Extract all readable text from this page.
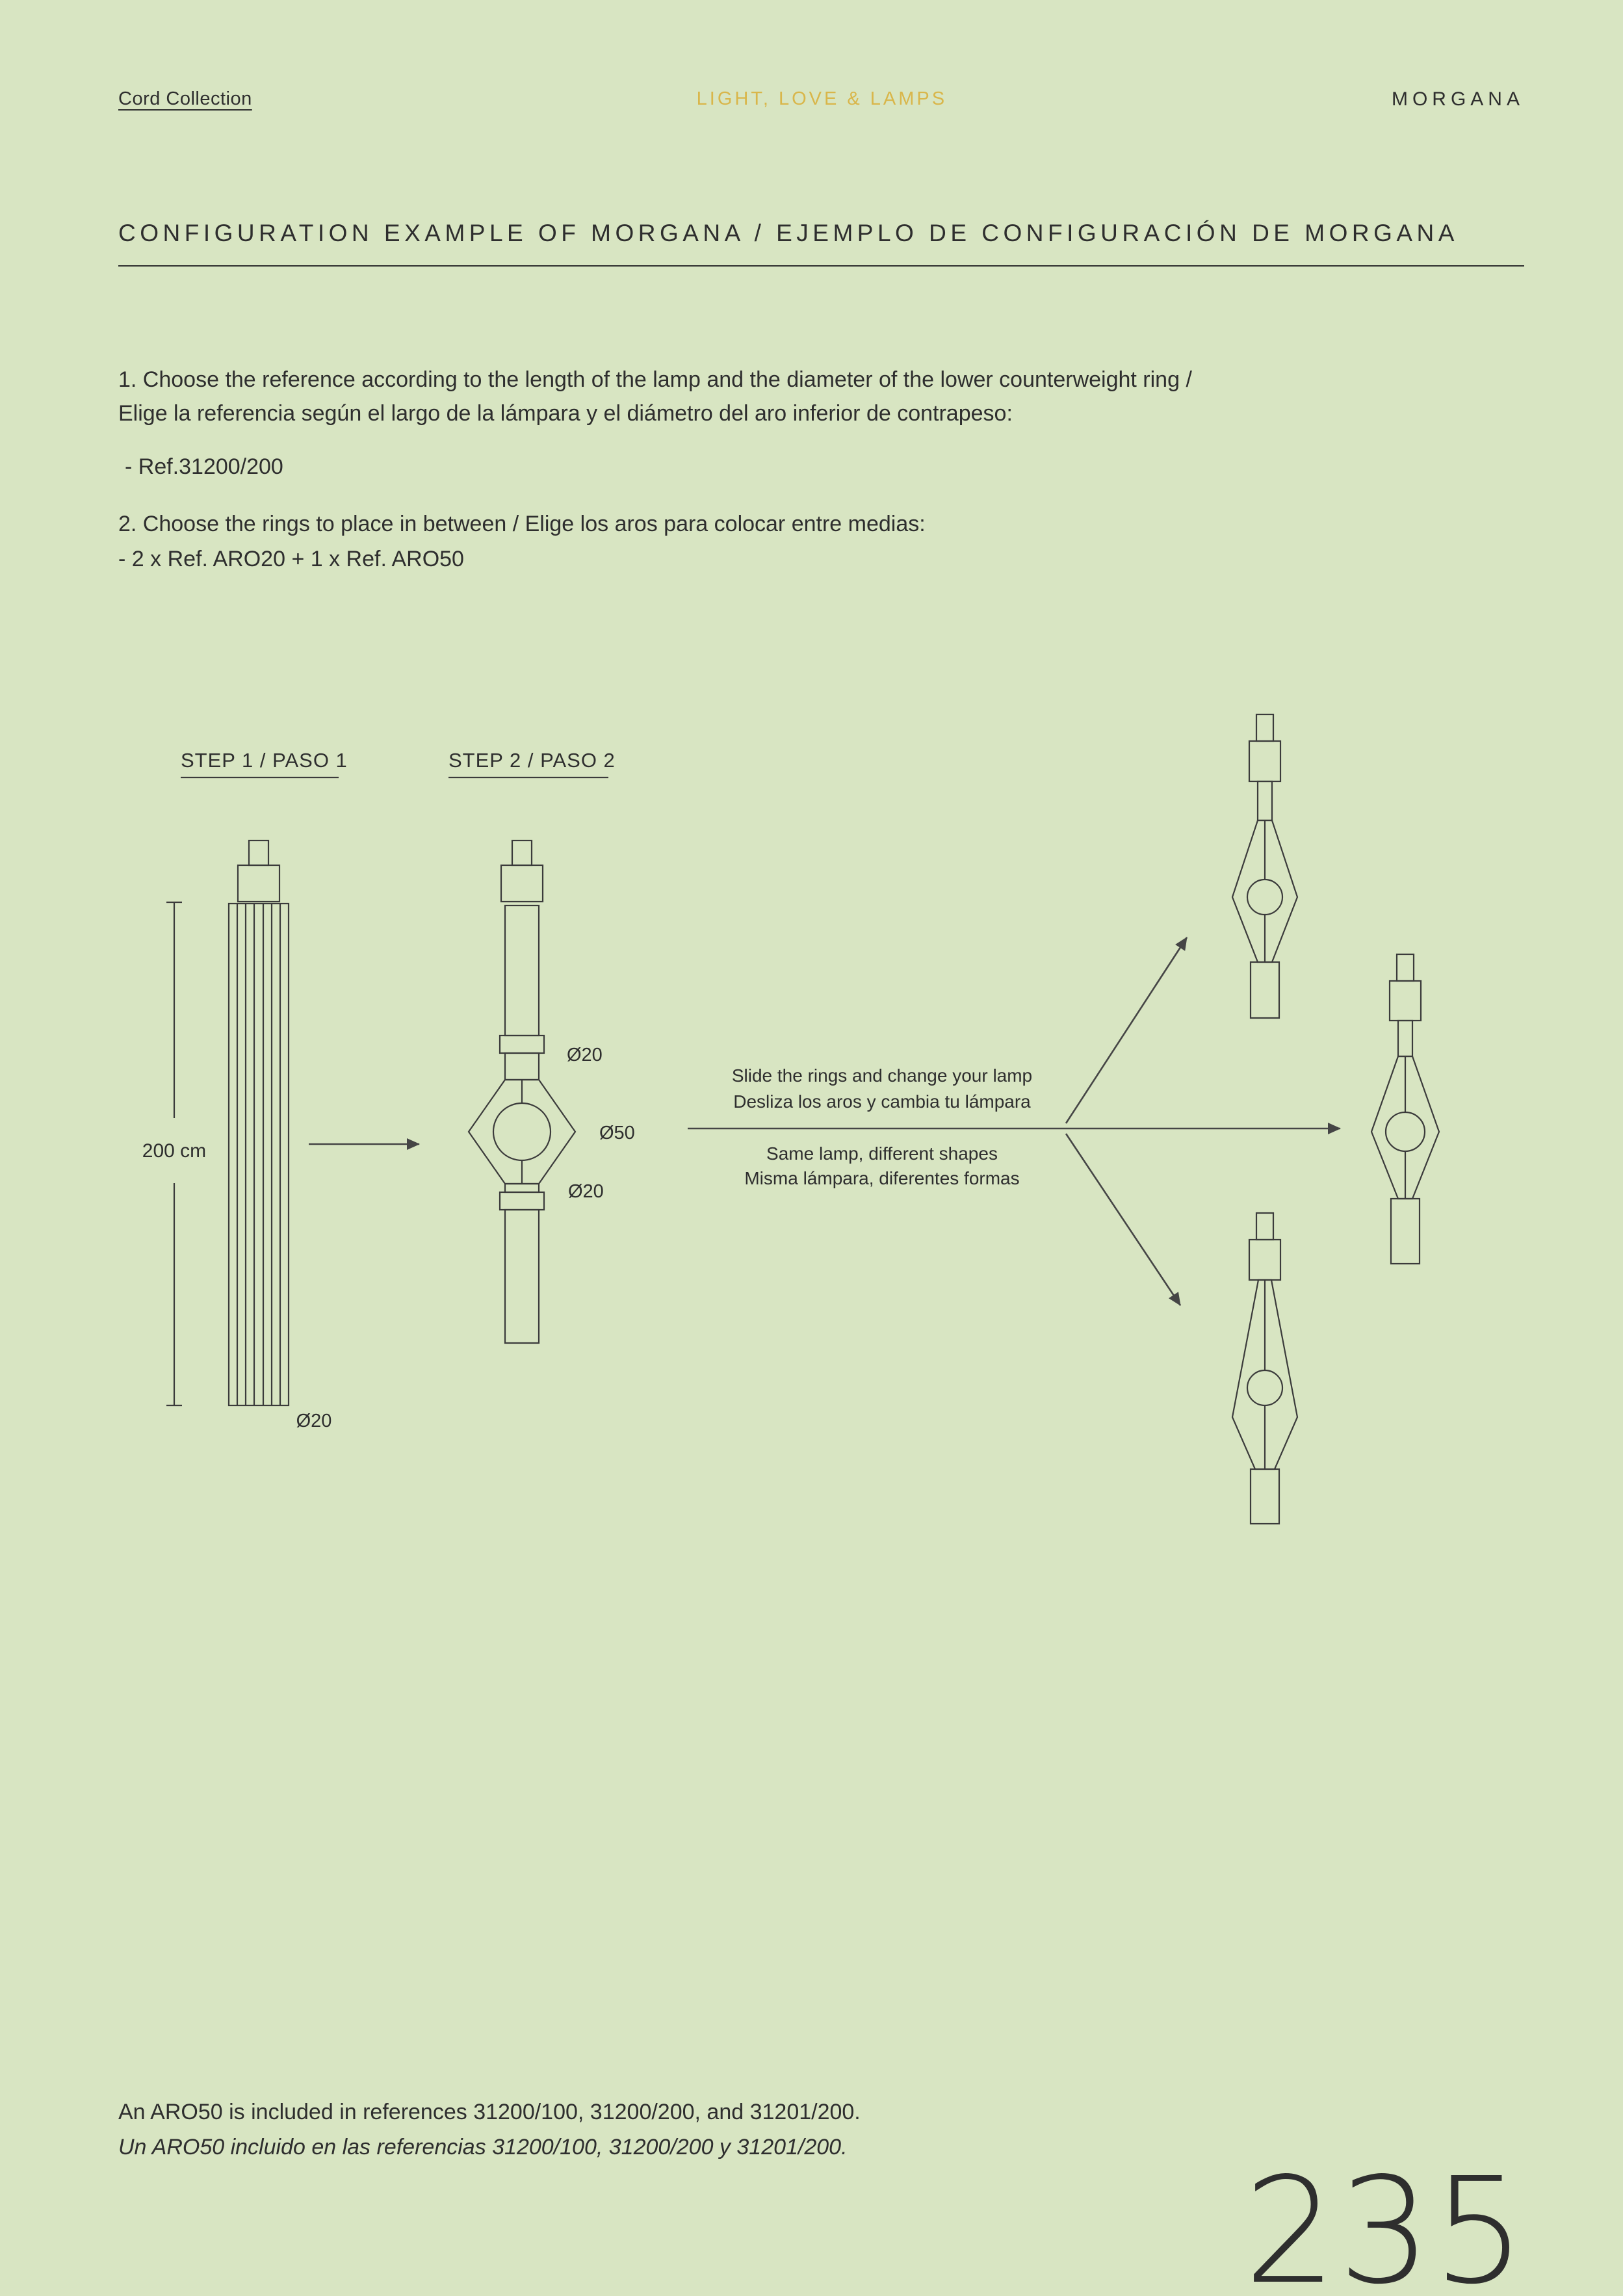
Cord Collection	LIGHT, LOVE & LAMPS	MORGANA
CONFIGURATION EXAMPLE OF MORGANA / EJEMPLO DE CONFIGURACIÓN DE MORGANA

1. Choose the reference according to the length of the lamp and the diameter of the lower counterweight ring /
Elige la referencia según el largo de la lámpara y el diámetro del aro inferior de contrapeso:

- Ref.31200/200

2. Choose the rings to place in between / Elige los aros para colocar entre medias:

- 2 x Ref. ARO20 + 1 x Ref. ARO50

STEP 1 / PASO 1	STEP 2 / PASO 2
200 cm
Ø20
Ø20
Ø50
Ø20
Slide the rings and change your lamp
Desliza los aros y cambia tu lámpara
Same lamp, different shapes
Misma lámpara, diferentes formas

An ARO50 is included in references 31200/100, 31200/200, and 31201/200.

Un ARO50 incluido en las referencias 31200/100, 31200/200 y 31201/200.	235
